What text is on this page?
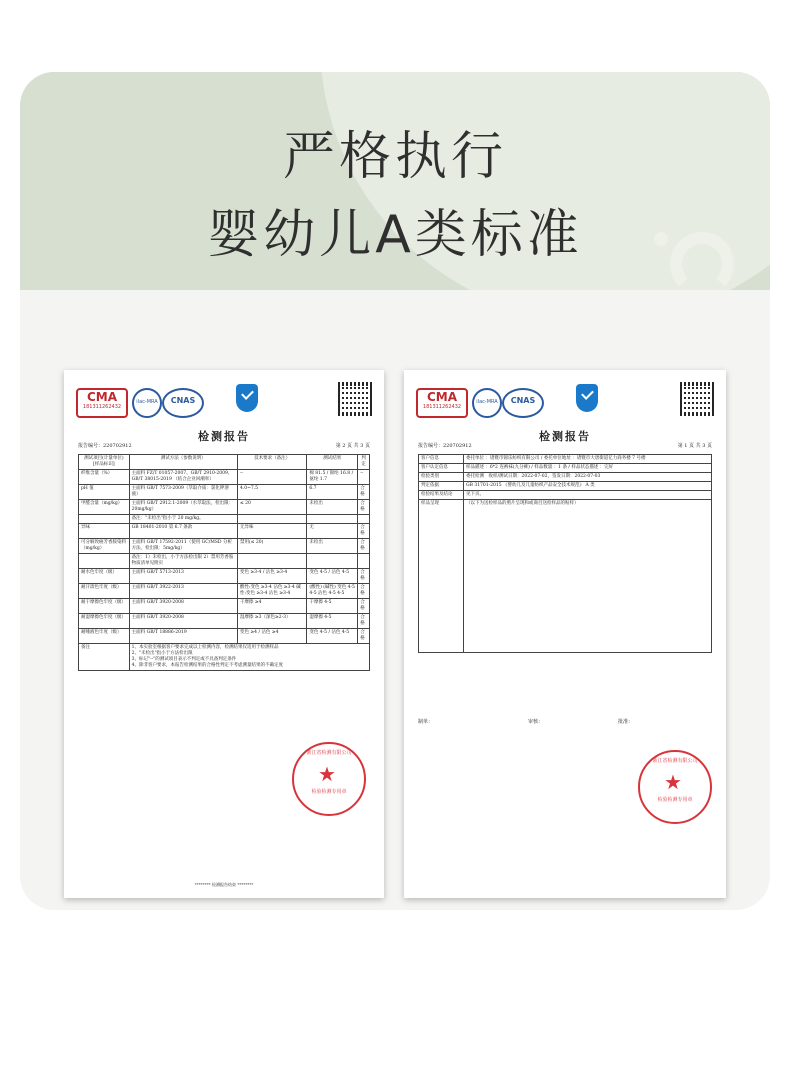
严格执行
婴幼儿A类标准
CMA
181311262432
ilac-MRA	CNAS
检测报告
报告编号：220702912	第 2 页 共 3 页
测试项目(计量单位)[样品标识]	测试方法（参数说明）	技术要求（备注）	测试结果	判定
纤维含量（%）	主面料 FZ/T 01057-2007、GB/T 2910-2009、GB/T 38015-2019 （结合企业回潮率）	--	棉 81.5 / 锦纶 16.8 / 氨纶 1.7	--
pH 值	主面料 GB/T 7573-2009（萃取介质：氯化钾溶液）	4.0~7.5	6.7	合格
甲醛含量（mg/kg）	主面料 GB/T 2912.1-2009（水萃取法，检出限：20mg/kg）	≤ 20	未检出	合格
	备注："未检出"指小于 20 mg/kg。			
异味	GB 18401-2010 第 6.7 条款	无异味	无	合格
可分解致癌芳香胺染料（mg/kg）	主面料 GB/T 17592-2011（使用 GC/MSD 分析方法，检出限：5mg/kg）	禁用(≤ 20)	未检出	合格
	备注：1）未检出，小于方法检出限 2）禁用芳香胺物质清单见附页			
耐水色牢度（级）	主面料 GB/T 5713-2013	变色 ≥3-4 / 沾色 ≥3-4	变色 4-5 / 沾色 4-5	合格
耐汗渍色牢度（级）	主面料 GB/T 3922-2013	酸性:变色 ≥3-4 沾色 ≥3-4 碱性:变色 ≥3-4 沾色 ≥3-4	(酸性) (碱性) 变色 4-5 4-5 沾色 4-5 4-5	合格
耐干摩擦色牢度（级）	主面料 GB/T 3920-2008	干摩擦 ≥4	干摩擦 4-5	合格
耐湿摩擦色牢度（级）	主面料 GB/T 3920-2008	湿摩擦 ≥3（深色≥2-3）	湿摩擦 4-5	合格
耐唾液色牢度（级）	主面料 GB/T 18886-2019	变色 ≥4 / 沾色 ≥4	变色 4-5 / 沾色 4-5	合格
备注	1、本实验室根据客户要求完成以上检测内容，检测结果仅适用于检测样品
2、"未检出"指小于方法检出限
3、标记"--"的测试项目表示不判定或不具备判定条件
4、除非客户要求，本报告检测结果的合格性判定不考虑测量结果的不确定度			
浙江省检测有限公司
★
检验检测专用章
******** 检测报告结束 ********
CMA
181311262432
ilac-MRA	CNAS
检测报告
报告编号：220702912	第 1 页 共 3 页
客户信息	委托单位 ：诸暨市锦乐纺织有限公司 / 委托单位地址 ：诸暨市大唐街道亿力商务楼 7 号楼
客户认定信息	样品描述 ：6*2 连裤袜(九分裤) / 样品数量 ：1 条 / 样品状态描述 ：完好
检验类别	委托检测　收样/测试日期：2022-07-02，签发日期：2022-07-03
判定依据	GB 31701-2015 《婴幼儿及儿童纺织产品安全技术规范》 A 类
检验结果及结论	见下页。
样品呈现	（以下为送检样品的照片呈现和或商目送检样品的贴样）
制单：	审核：	批准：
浙江省检测有限公司
★
检验检测专用章
